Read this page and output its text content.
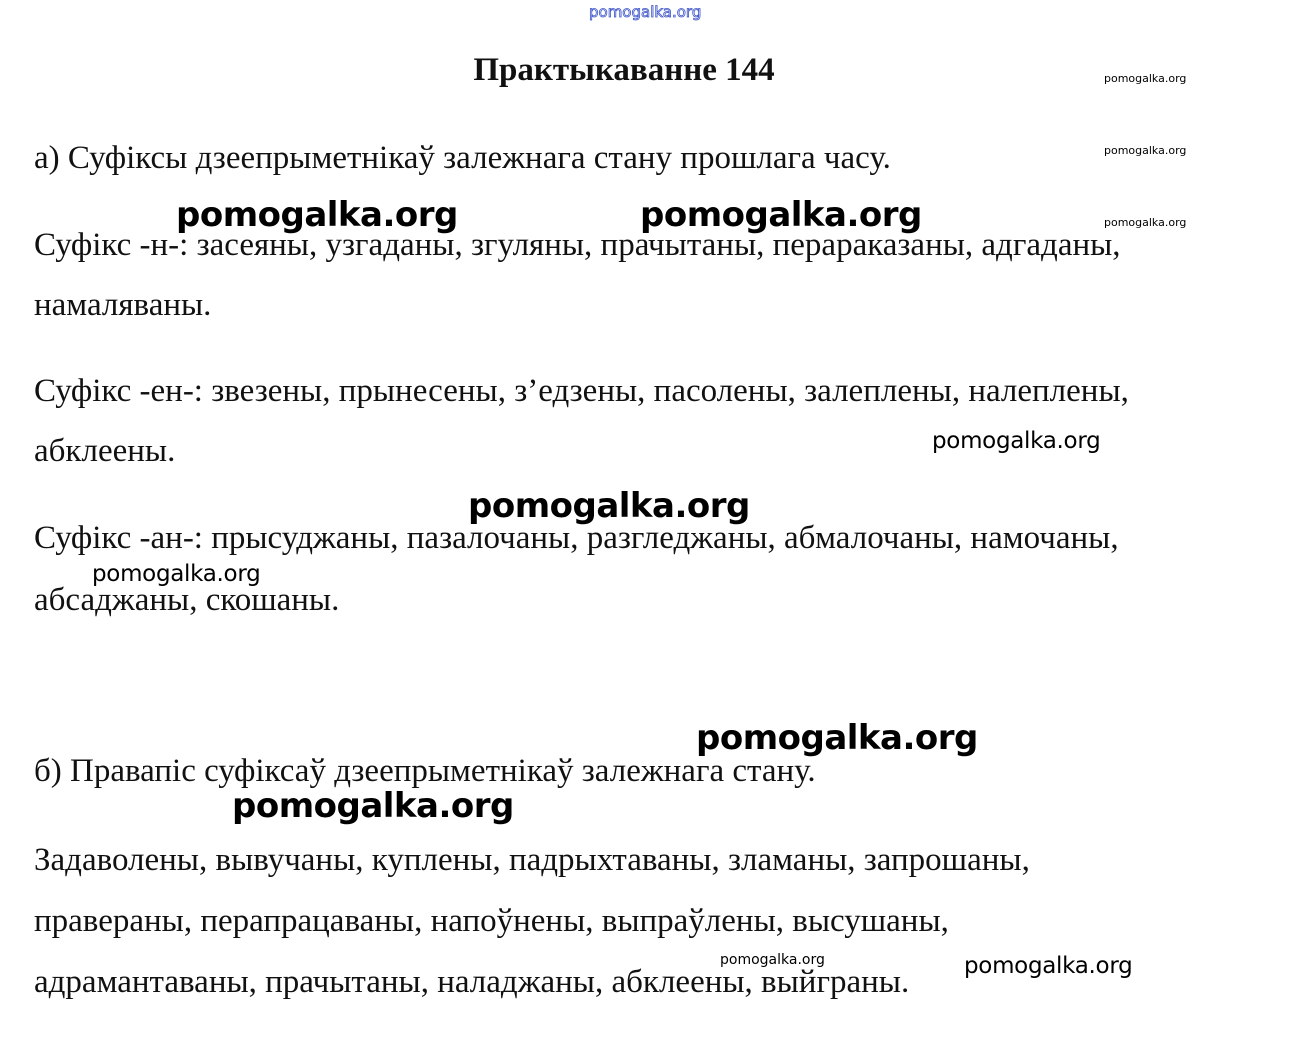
pomogalka.org
Практыкаванне 144
а) Суфіксы дзеепрыметнікаў залежнага стану прошлага часу.
Суфікс -н-: засеяны, узгаданы, згуляны, прачытаны, перараказаны, адгаданы,
намаляваны.
Суфікс -ен-: звезены, прынесены, з’едзены, пасолены, залеплены, налеплены,
абклеены.
Суфікс -ан-: прысуджаны, пазалочаны, разгледжаны, абмалочаны, намочаны,
абсаджаны, скошаны.
б) Правапіс суфіксаў дзеепрыметнікаў залежнага стану.
Задаволены, вывучаны, куплены, падрыхтаваны, зламаны, запрошаны,
праверaны, перапрацаваны, напоўнены, выпраўлены, высушаны,
адрамантаваны, прачытаны, наладжаны, абклеены, выйграны.
pomogalka.org
pomogalka.org
pomogalka.org
pomogalka.org	pomogalka.org
pomogalka.org
pomogalka.org
pomogalka.org
pomogalka.org
pomogalka.org
pomogalka.org	pomogalka.org
